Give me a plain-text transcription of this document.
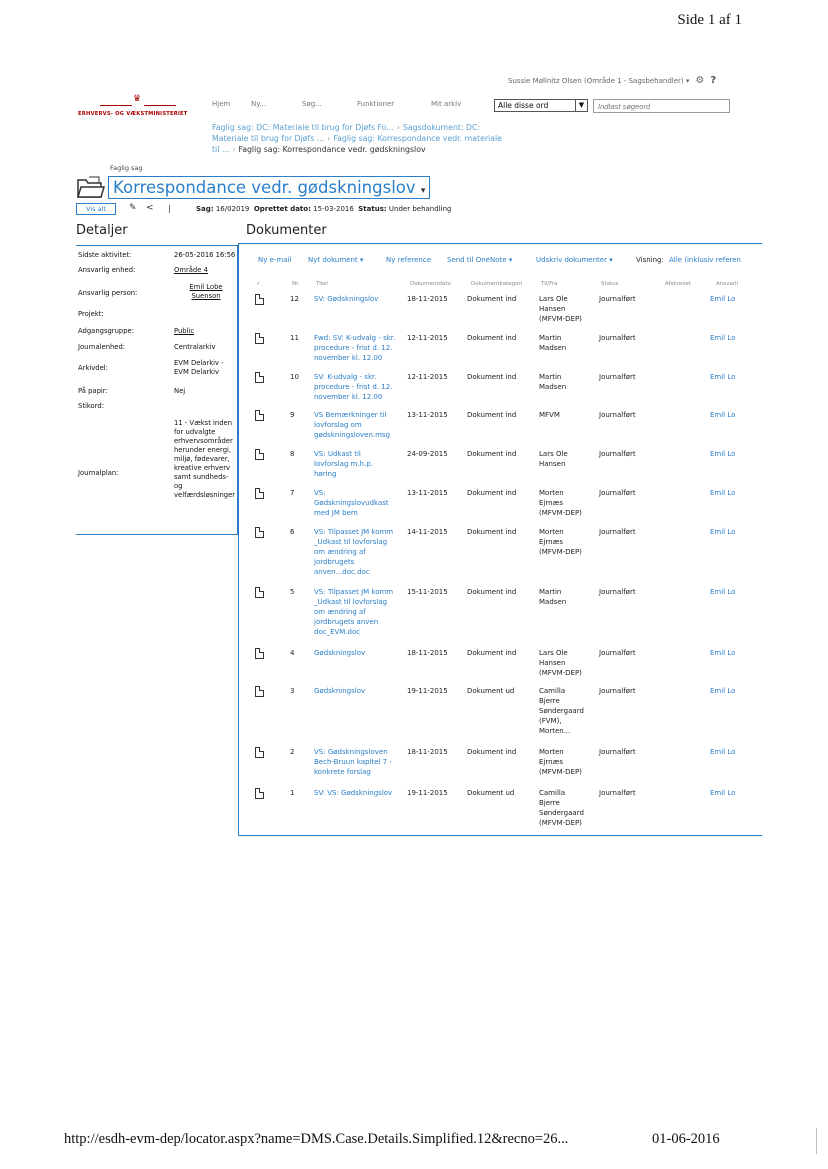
Side 1 af 1
Sussie Møllnitz Olsen (Område 1 - Sagsbehandler) ▾ ⚙ ?
♛
ERHVERVS- OG VÆKSTMINISTERIET
Hjem	Ny...	Søg...	Funktioner	Mit arkiv	Alle disse ord	▼
Indtast søgeord
Faglig sag: DC: Materiale til brug for Djøfs Fo... › Sagsdokument: DC: Materiale til brug for Djøfs ... › Faglig sag: Korrespondance vedr. materiale til ... › Faglig sag: Korrespondance vedr. gødskningslov
Faglig sag
Korrespondance vedr. gødskningslov ▾
Vis alt	✎ < |	Sag: 16/02019 Oprettet dato: 15-03-2016 Status: Under behandling
Detaljer
Sidste aktivitet:	26-05-2016 16:56
Ansvarlig enhed:	Område 4
Ansvarlig person:
Emil Lobe
Suenson
Projekt:
Adgangsgruppe:	Public
Journalenhed:	Centralarkiv
Arkivdel:
EVM Delarkiv -
EVM Delarkiv
På papir:	Nej
Stikord:
Journalplan:
11 - Vækst inden
for udvalgte
erhvervsområder
herunder energi,
miljø, fødevarer,
kreative erhverv
samt sundheds-
og
velfærdsløsninger
Dokumenter
Ny e-mail Nyt dokument ▾	Ny reference Send til OneNote ▾	Udskriv dokumenter ▾	Visning: Alle (inklusiv referen
✓	Nr.	Titel	Dokumentdato	Dokumentkategori	Til/Fra	Status	Afskrevet	Ansvarli
12 SV: Gødskningslov	18-11-2015	Dokument ind	Lars Ole
Hansen
(MFVM-DEP)
Journalført	Emil Lo
11 Fwd: SV: K-udvalg - skr.
procedure - frist d. 12.
november kl. 12.00
12-11-2015	Dokument ind	Martin
Madsen
Journalført	Emil Lo
10 SV: K-udvalg - skr.
procedure - frist d. 12.
november kl. 12.00
12-11-2015	Dokument ind	Martin
Madsen
Journalført	Emil Lo
9	VS Bemærkninger til
lovforslag om
gødskningsloven.msg
13-11-2015	Dokument ind	MFVM	Journalført	Emil Lo
8	VS: Udkast til
lovforslag m.h.p.
høring
24-09-2015	Dokument ind	Lars Ole
Hansen
Journalført	Emil Lo
7	VS:
Gødskningslovudkast
med JM bem
13-11-2015	Dokument ind	Morten
Ejrnæs
(MFVM-DEP)
Journalført	Emil Lo
6	VS: Tilpasset JM komm
_Udkast til lovforslag
om ændring af
jordbrugets
anven...doc.doc
14-11-2015	Dokument ind	Morten
Ejrnæs
(MFVM-DEP)
Journalført	Emil Lo
5	VS: Tilpasset JM komm
_Udkast til lovforslag
om ændring af
jordbrugets anven
doc_EVM.doc
15-11-2015	Dokument ind	Martin
Madsen
Journalført	Emil Lo
4	Gødskningslov	18-11-2015	Dokument ind	Lars Ole
Hansen
(MFVM-DEP)
Journalført	Emil Lo
3	Gødskningslov	19-11-2015	Dokument ud	Camilla
Bjerre
Søndergaard
(FVM),
Morten...
Journalført	Emil Lo
2	VS: Gødskningsloven
Bech-Bruun kapitel 7 -
konkrete forslag
18-11-2015	Dokument ind	Morten
Ejrnæs
(MFVM-DEP)
Journalført	Emil Lo
1	SV: VS: Gødskningslov	19-11-2015	Dokument ud	Camilla
Bjerre
Søndergaard
(MFVM-DEP)
Journalført	Emil Lo
http://esdh-evm-dep/locator.aspx?name=DMS.Case.Details.Simplified.12&recno=26...	01-06-2016
